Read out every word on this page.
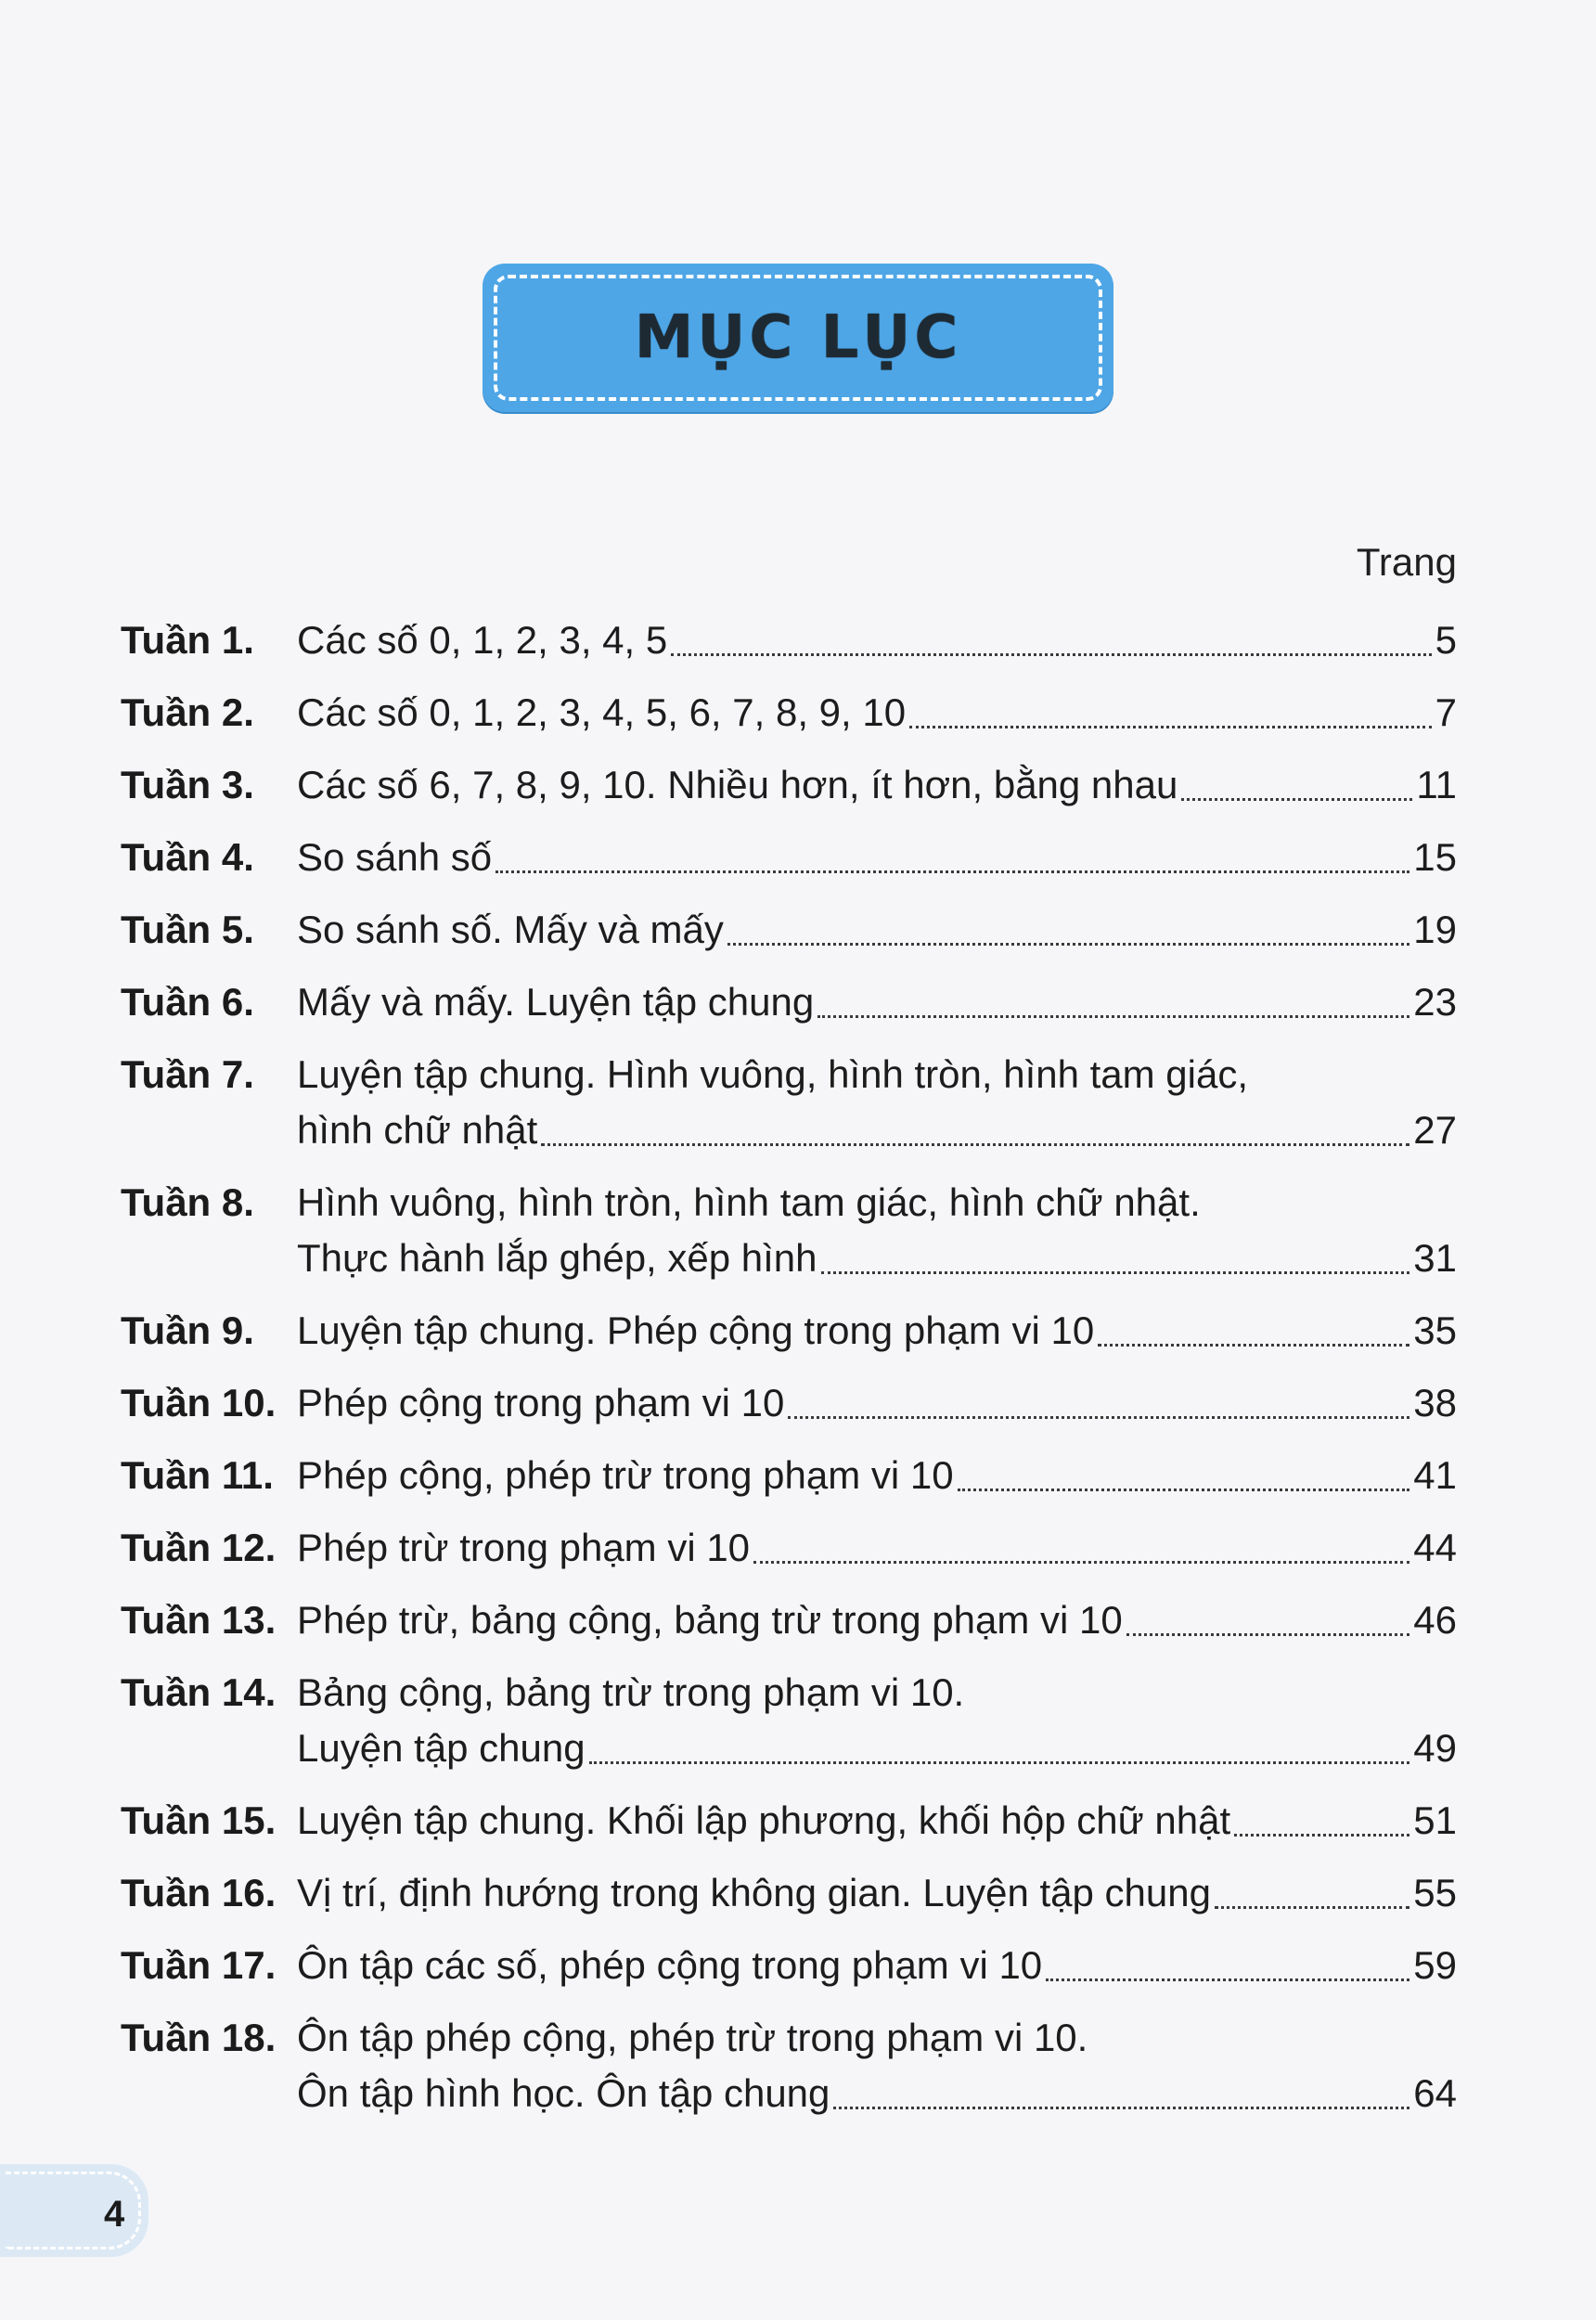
MỤC LỤC
Trang
Tuần 1. Các số 0, 1, 2, 3, 4, 5	5
Tuần 2. Các số 0, 1, 2, 3, 4, 5, 6, 7, 8, 9, 10	7
Tuần 3. Các số 6, 7, 8, 9, 10. Nhiều hơn, ít hơn, bằng nhau	11
Tuần 4. So sánh số	15
Tuần 5. So sánh số. Mấy và mấy	19
Tuần 6. Mấy và mấy. Luyện tập chung	23
Tuần 7. Luyện tập chung. Hình vuông, hình tròn, hình tam giác,
hình chữ nhật	27
Tuần 8. Hình vuông, hình tròn, hình tam giác, hình chữ nhật.
Thực hành lắp ghép, xếp hình	31
Tuần 9. Luyện tập chung. Phép cộng trong phạm vi 10	35
Tuần 10. Phép cộng trong phạm vi 10	38
Tuần 11. Phép cộng, phép trừ trong phạm vi 10	41
Tuần 12. Phép trừ trong phạm vi 10	44
Tuần 13. Phép trừ, bảng cộng, bảng trừ trong phạm vi 10	46
Tuần 14. Bảng cộng, bảng trừ trong phạm vi 10.
Luyện tập chung	49
Tuần 15. Luyện tập chung. Khối lập phương, khối hộp chữ nhật	51
Tuần 16. Vị trí, định hướng trong không gian. Luyện tập chung	55
Tuần 17. Ôn tập các số, phép cộng trong phạm vi 10	59
Tuần 18. Ôn tập phép cộng, phép trừ trong phạm vi 10.
Ôn tập hình học. Ôn tập chung	64
4
